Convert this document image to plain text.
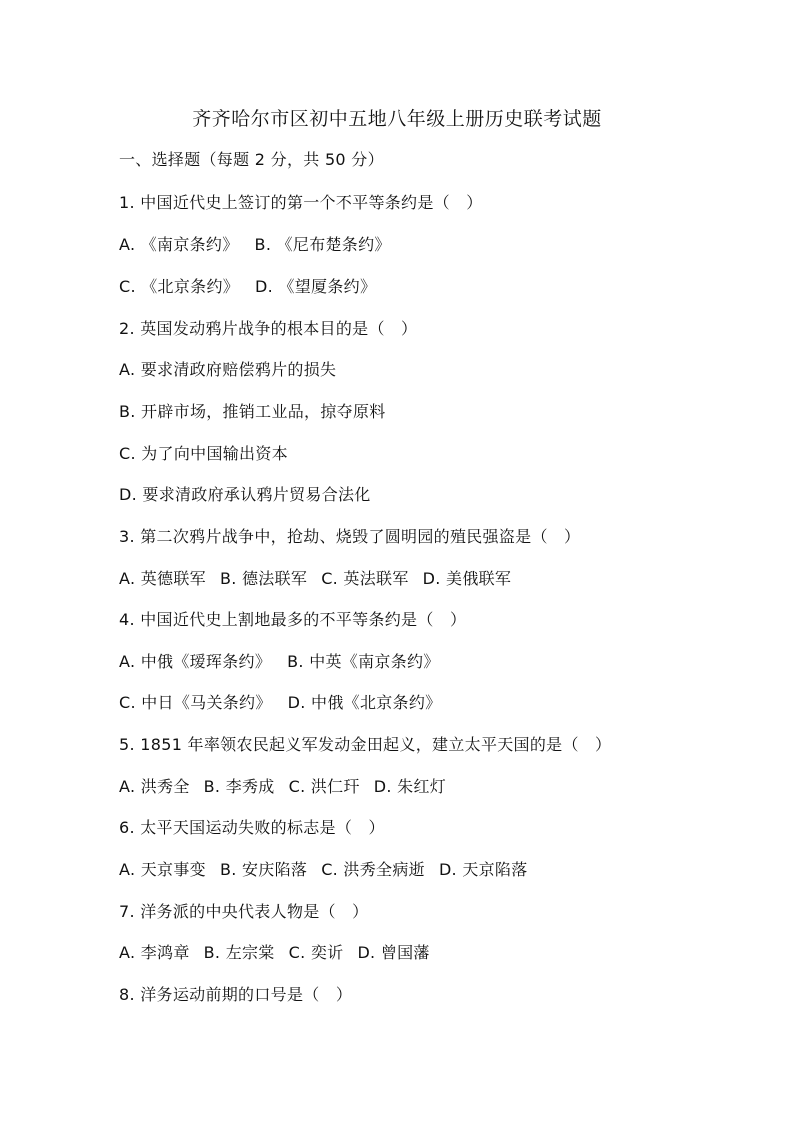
齐齐哈尔市区初中五地八年级上册历史联考试题
一、选择题（每题 2 分，共 50 分）
1. 中国近代史上签订的第一个不平等条约是（　）
A. 《南京条约》 B. 《尼布楚条约》
C. 《北京条约》 D. 《望厦条约》
2. 英国发动鸦片战争的根本目的是（　）
A. 要求清政府赔偿鸦片的损失
B. 开辟市场，推销工业品，掠夺原料
C. 为了向中国输出资本
D. 要求清政府承认鸦片贸易合法化
3. 第二次鸦片战争中，抢劫、烧毁了圆明园的殖民强盗是（　）
A. 英德联军 B. 德法联军 C. 英法联军 D. 美俄联军
4. 中国近代史上割地最多的不平等条约是（　）
A. 中俄《瑷珲条约》 B. 中英《南京条约》
C. 中日《马关条约》 D. 中俄《北京条约》
5. 1851 年率领农民起义军发动金田起义，建立太平天国的是（　）
A. 洪秀全 B. 李秀成 C. 洪仁玕 D. 朱红灯
6. 太平天国运动失败的标志是（　）
A. 天京事变 B. 安庆陷落 C. 洪秀全病逝 D. 天京陷落
7. 洋务派的中央代表人物是（　）
A. 李鸿章 B. 左宗棠 C. 奕䜣 D. 曾国藩
8. 洋务运动前期的口号是（　）
